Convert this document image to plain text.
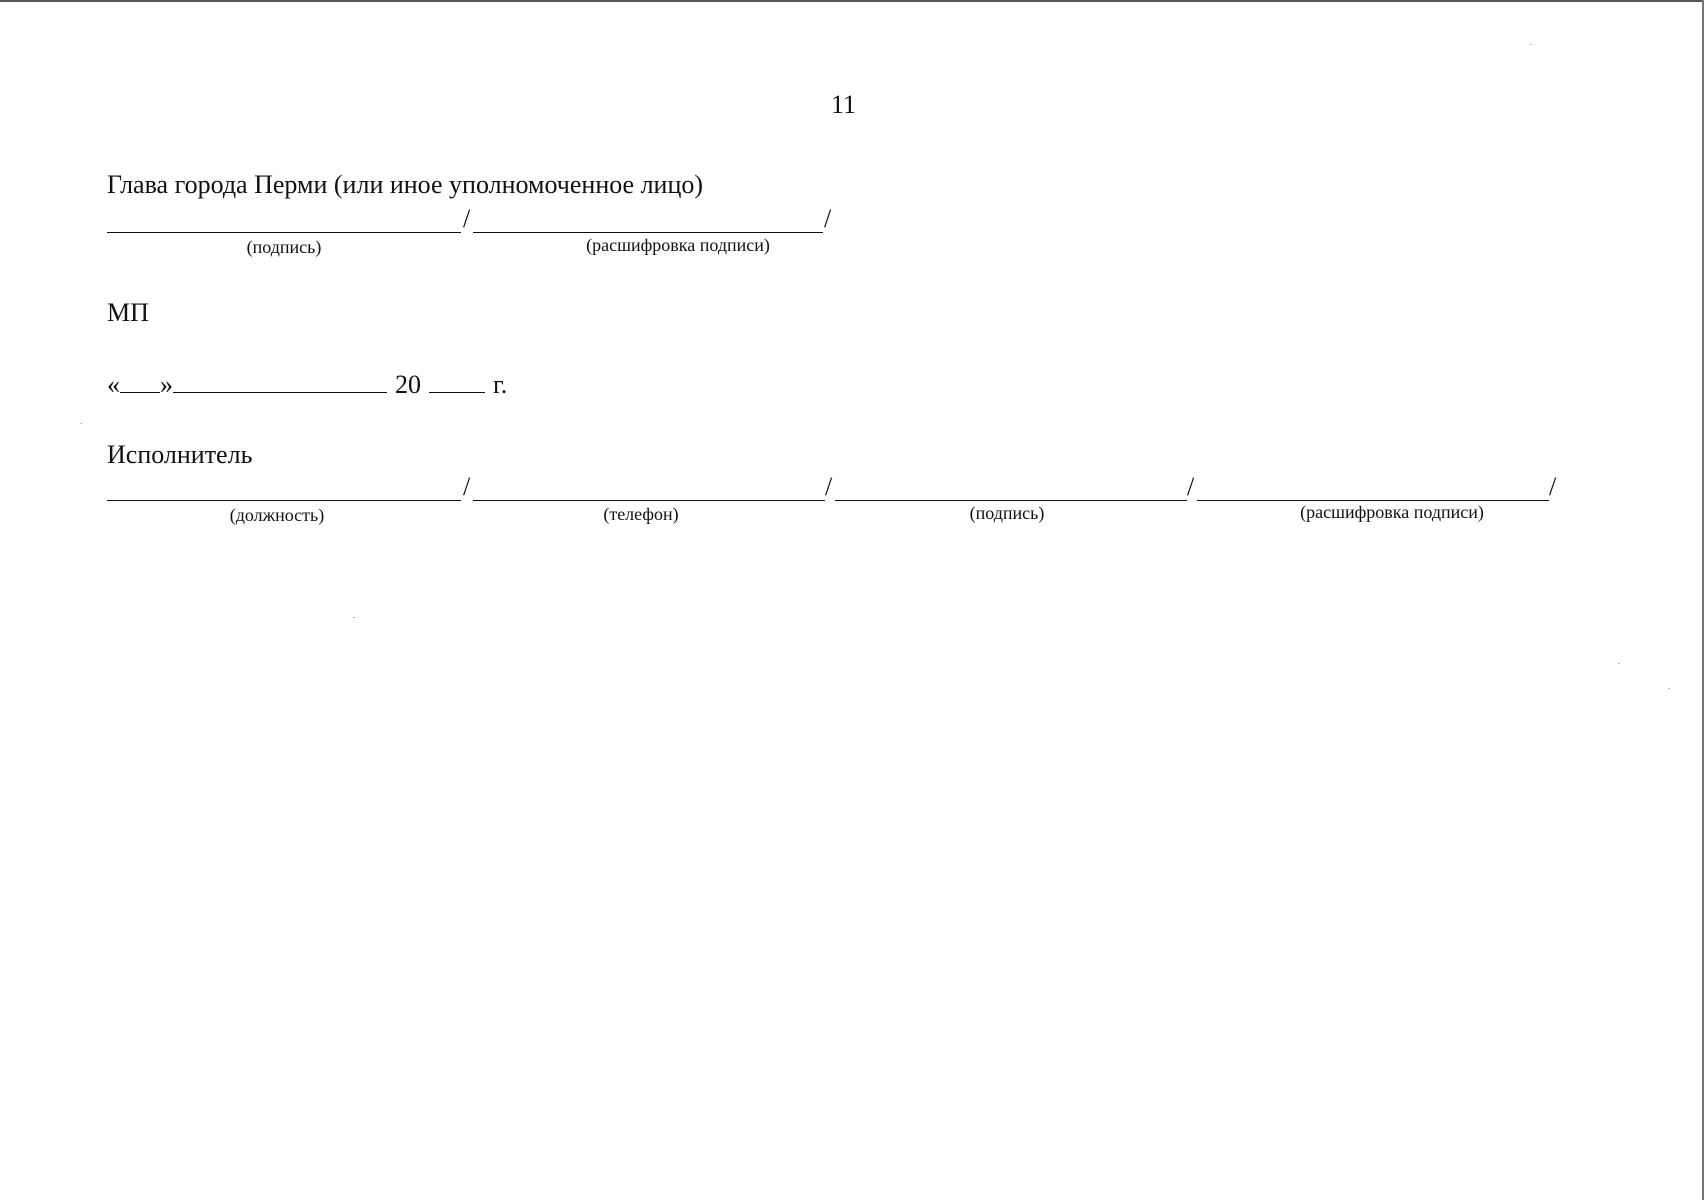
11
Глава города Перми (или иное уполномоченное лицо)
/	/
(подпись)	(расшифровка подписи)
МП
« »	20	г.
Исполнитель
/	/	/	/
(должность)	(телефон)	(подпись)	(расшифровка подписи)
